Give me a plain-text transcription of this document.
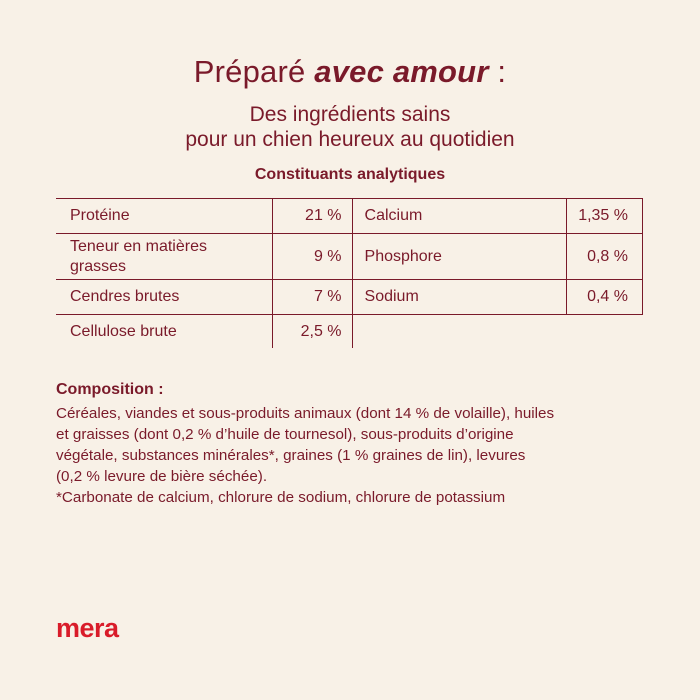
Préparé avec amour :
Des ingrédients sains
pour un chien heureux au quotidien
Constituants analytiques
Protéine	21 %	Calcium	1,35 %
Teneur en matières grasses	9 %	Phosphore	0,8 %
Cendres brutes	7 %	Sodium	0,4 %
Cellulose brute	2,5 %		
Composition :
Céréales, viandes et sous-produits animaux (dont 14 % de volaille), huiles
et graisses (dont 0,2 % d’huile de tournesol), sous-produits d’origine
végétale, substances minérales*, graines (1 % graines de lin), levures
(0,2 % levure de bière séchée).
*Carbonate de calcium, chlorure de sodium, chlorure de potassium
mera
